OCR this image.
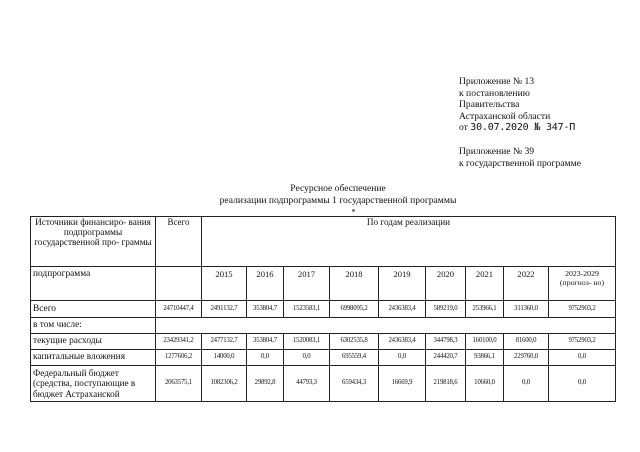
Приложение № 13
к постановлению
Правительства
Астраханской области
от 30.07.2020 № 347-П
Приложение № 39
к государственной программе
Ресурсное обеспечение
реализации подпрограммы 1 государственной программы
Источники финансиро- вания подпрограммы государственной про- граммы	Всего	По годам реализации								
подпрограмма		2015	2016	2017	2018	2019	2020	2021	2022	2023-2029 (прогноз- но)
Всего	24710447,4	2491132,7	353804,7	1523583,1	6998095,2	2436383,4	589219,0	253966,1	311360,0	9752903,2
в том числе:										
текущие расходы	23429341,2	2477132,7	353804,7	1520083,1	6302535,8	2436383,4	344798,3	160100,0	81600,0	9752903,2
капитальные вложения	1277606,2	14000,0	0,0	0,0	695559,4	0,0	244420,7	93866,1	229760,0	0,0
Федеральный бюджет (средства, поступающие в бюджет Астраханской	2063575,1	1082306,2	29892,8	44793,3	659434,3	16669,9	219818,6	10660,0	0,0	0,0
